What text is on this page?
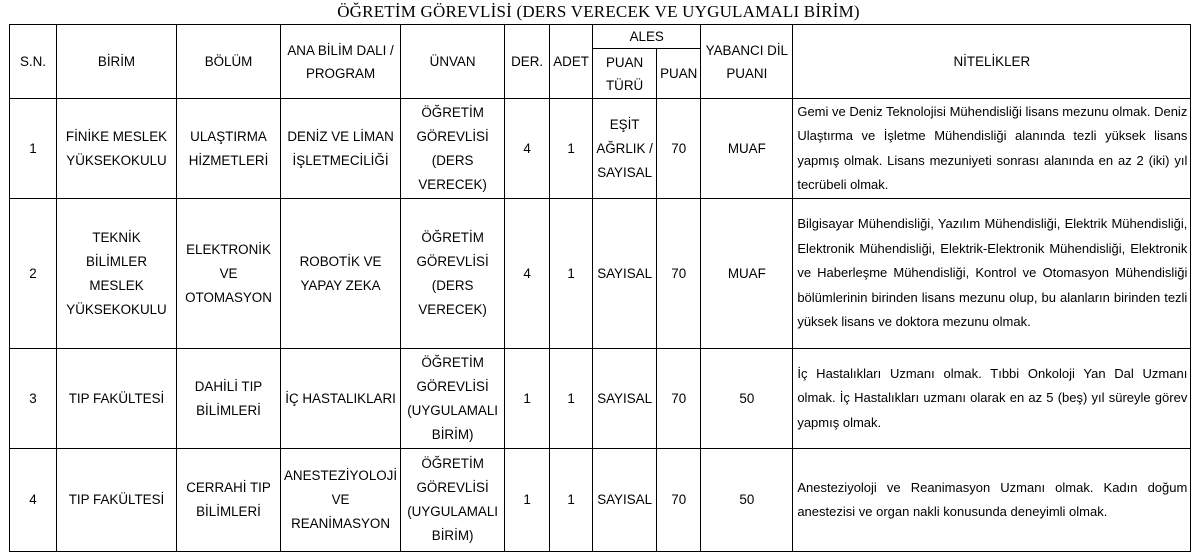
ÖĞRETİM GÖREVLİSİ (DERS VERECEK VE UYGULAMALI BİRİM)
S.N.	BİRİM	BÖLÜM	ANA BİLİM DALI / PROGRAM	ÜNVAN	DER.	ADET	ALES		YABANCI DİL PUANI	NİTELİKLER
							PUAN TÜRÜ	PUAN		
1	FİNİKE MESLEK YÜKSEKOKULU	ULAŞTIRMA HİZMETLERİ	DENİZ VE LİMAN İŞLETMECİLİĞİ	ÖĞRETİM GÖREVLİSİ (DERS VERECEK)	4	1	EŞİT AĞRLIK / SAYISAL	70	MUAF	Gemi ve Deniz Teknolojisi Mühendisliği lisans mezunu olmak. Deniz Ulaştırma ve İşletme Mühendisliği alanında tezli yüksek lisans yapmış olmak. Lisans mezuniyeti sonrası alanında en az 2 (iki) yıl tecrübeli olmak.
2	TEKNİK BİLİMLER MESLEK YÜKSEKOKULU	ELEKTRONİK VE OTOMASYON	ROBOTİK VE YAPAY ZEKA	ÖĞRETİM GÖREVLİSİ (DERS VERECEK)	4	1	SAYISAL	70	MUAF	Bilgisayar Mühendisliği, Yazılım Mühendisliği, Elektrik Mühendisliği, Elektronik Mühendisliği, Elektrik-Elektronik Mühendisliği, Elektronik ve Haberleşme Mühendisliği, Kontrol ve Otomasyon Mühendisliği bölümlerinin birinden lisans mezunu olup, bu alanların birinden tezli yüksek lisans ve doktora mezunu olmak.
3	TIP FAKÜLTESİ	DAHİLİ TIP BİLİMLERİ	İÇ HASTALIKLARI	ÖĞRETİM GÖREVLİSİ (UYGULAMALI BİRİM)	1	1	SAYISAL	70	50	İç Hastalıkları Uzmanı olmak. Tıbbi Onkoloji Yan Dal Uzmanı olmak. İç Hastalıkları uzmanı olarak en az 5 (beş) yıl süreyle görev yapmış olmak.
4	TIP FAKÜLTESİ	CERRAHİ TIP BİLİMLERİ	ANESTEZİYOLOJİ VE REANİMASYON	ÖĞRETİM GÖREVLİSİ (UYGULAMALI BİRİM)	1	1	SAYISAL	70	50	Anesteziyoloji ve Reanimasyon Uzmanı olmak. Kadın doğum anestezisi ve organ nakli konusunda deneyimli olmak.
